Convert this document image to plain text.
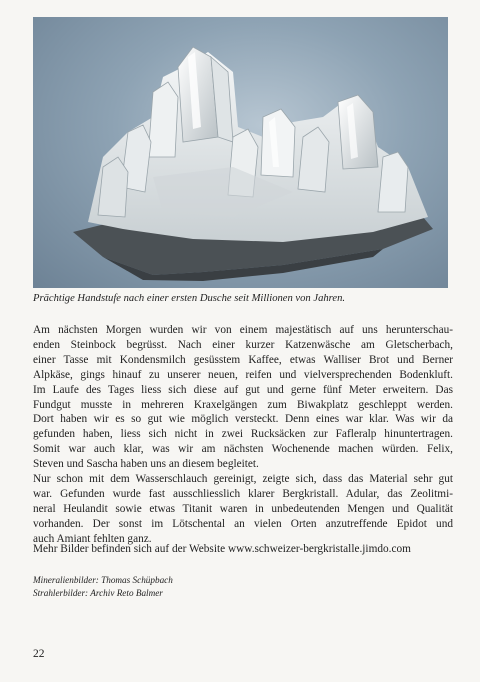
Prächtige Handstufe nach einer ersten Dusche seit Millionen von Jahren.

Am nächsten Morgen wurden wir von einem majestätisch auf uns herunterschau-
enden Steinbock begrüsst. Nach einer kurzer Katzenwäsche am Gletscherbach,
einer Tasse mit Kondensmilch gesüsstem Kaffee, etwas Walliser Brot und Berner
Alpkäse, gings hinauf zu unserer neuen, reifen und vielversprechenden Bodenkluft.
Im Laufe des Tages liess sich diese auf gut und gerne fünf Meter erweitern. Das
Fundgut musste in mehreren Kraxelgängen zum Biwakplatz geschleppt werden.
Dort haben wir es so gut wie möglich versteckt. Denn eines war klar. Was wir da
gefunden haben, liess sich nicht in zwei Rucksäcken zur Fafleralp hinuntertragen.
Somit war auch klar, was wir am nächsten Wochenende machen würden. Felix,
Steven und Sascha haben uns an diesem begleitet.
Nur schon mit dem Wasserschlauch gereinigt, zeigte sich, dass das Material sehr gut
war. Gefunden wurde fast ausschliesslich klarer Bergkristall. Adular, das Zeolitmi-
neral Heulandit sowie etwas Titanit waren in unbedeutenden Mengen und Qualität
vorhanden. Der sonst im Lötschental an vielen Orten anzutreffende Epidot und
auch Amiant fehlten ganz.

Mehr Bilder befinden sich auf der Website www.schweizer-bergkristalle.jimdo.com

Mineralienbilder: Thomas Schüpbach
Strahlerbilder: Archiv Reto Balmer

22
